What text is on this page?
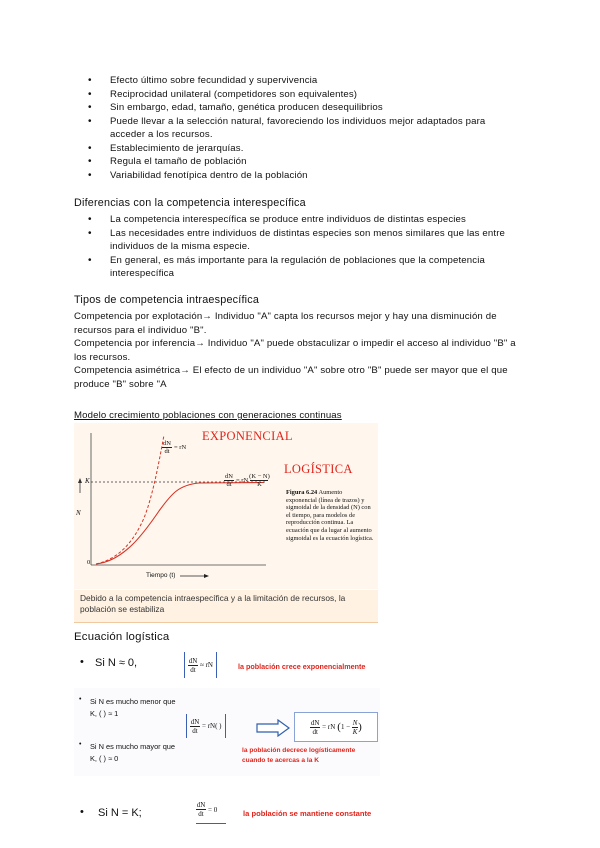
• Efecto último sobre fecundidad y supervivencia
• Reciprocidad unilateral (competidores son equivalentes)
• Sin embargo, edad, tamaño, genética producen desequilibrios
• Puede llevar a la selección natural, favoreciendo los individuos mejor adaptados para acceder a los recursos.
• Establecimiento de jerarquías.
• Regula el tamaño de población
• Variabilidad fenotípica dentro de la población
Diferencias con la competencia interespecífica
• La competencia interespecífica se produce entre individuos de distintas especies
• Las necesidades entre individuos de distintas especies son menos similares que las entre individuos de la misma especie.
• En general, es más importante para la regulación de poblaciones que la competencia interespecífica
Tipos de competencia intraespecífica
Competencia por explotación→ Individuo "A" capta los recursos mejor y hay una disminución de recursos para el individuo "B".
Competencia por inferencia→ Individuo "A" puede obstaculizar o impedir el acceso al individuo "B" a los recursos.
Competencia asimétrica→ El efecto de un individuo "A" sobre otro "B" puede ser mayor que el que produce "B" sobre "A
Modelo crecimiento poblaciones con generaciones continuas
EXPONENCIAL
LOGÍSTICA
$\frac{dN}{dt}$ = rN
$\frac{dN}{dt}$ = rN $\frac{(K - N)}{K}$
K
N
0
Tiempo (t)
Figura 6.24 Aumento exponencial (línea de trazos) y sigmoidal de la densidad (N) con el tiempo, para modelos de reproducción continua. La ecuación que da lugar al aumento sigmoidal es la ecuación logística.
Debido a la competencia intraespecífica y a la limitación de recursos, la población se estabiliza
Ecuación logística
• Si N ≈ 0,	$\frac{dN}{dt}$ ≈ rN	la población crece exponencialmente
• Si N es mucho menor que K, ( ) ≈ 1
• Si N es mucho mayor que K, ( ) ≈ 0
$\frac{dN}{dt} = rN$( )	$\frac{dN}{dt}$ = rN ( $1 - \frac{N}{K}$ )
la población decrece logísticamente cuando te acercas a la K
• Si N = K;	$\frac{dN}{dt} = 0$	la población se mantiene constante
